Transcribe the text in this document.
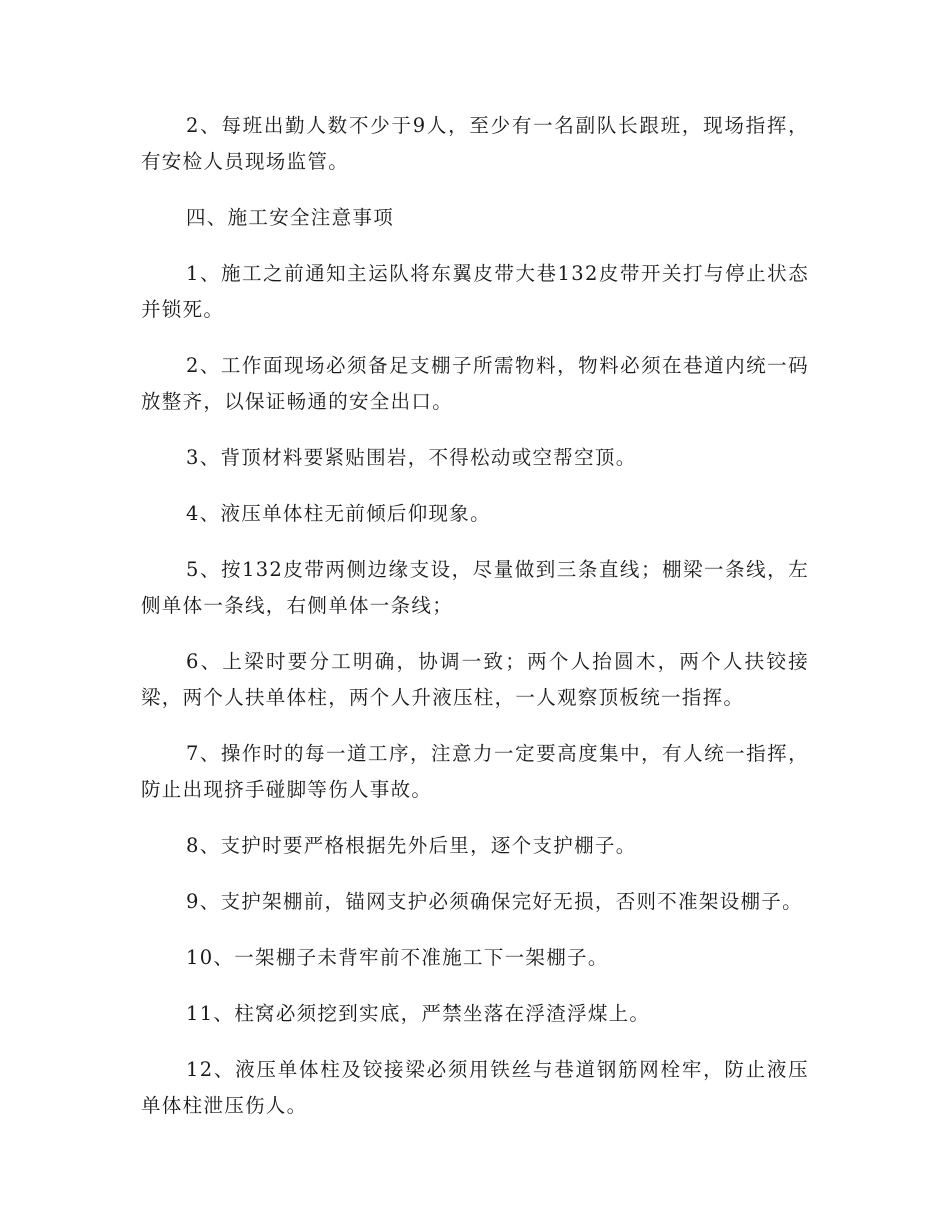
2、每班出勤人数不少于9人，至少有一名副队长跟班，现场指挥，有安检人员现场监管。

四、施工安全注意事项

1、施工之前通知主运队将东翼皮带大巷132皮带开关打与停止状态并锁死。

2、工作面现场必须备足支棚子所需物料，物料必须在巷道内统一码放整齐，以保证畅通的安全出口。

3、背顶材料要紧贴围岩，不得松动或空帮空顶。

4、液压单体柱无前倾后仰现象。

5、按132皮带两侧边缘支设，尽量做到三条直线；棚梁一条线，左侧单体一条线，右侧单体一条线；

6、上梁时要分工明确，协调一致；两个人抬圆木，两个人扶铰接梁，两个人扶单体柱，两个人升液压柱，一人观察顶板统一指挥。

7、操作时的每一道工序，注意力一定要高度集中，有人统一指挥，防止出现挤手碰脚等伤人事故。

8、支护时要严格根据先外后里，逐个支护棚子。

9、支护架棚前，锚网支护必须确保完好无损，否则不准架设棚子。

10、一架棚子未背牢前不准施工下一架棚子。

11、柱窝必须挖到实底，严禁坐落在浮渣浮煤上。

12、液压单体柱及铰接梁必须用铁丝与巷道钢筋网栓牢，防止液压单体柱泄压伤人。
